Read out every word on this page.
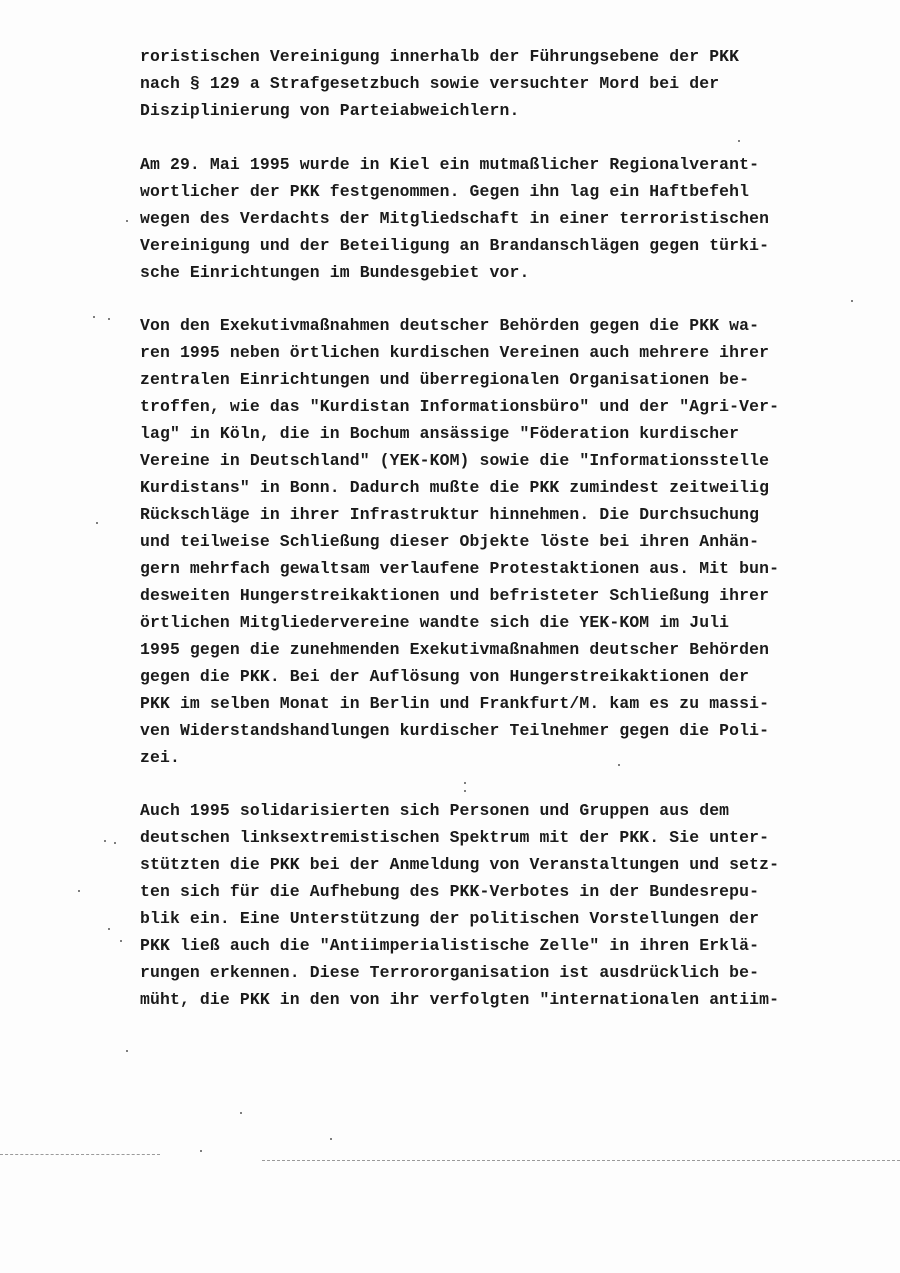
roristischen Vereinigung innerhalb der Führungsebene der PKK
nach § 129 a Strafgesetzbuch sowie versuchter Mord bei der
Disziplinierung von Parteiabweichlern.
Am 29. Mai 1995 wurde in Kiel ein mutmaßlicher Regionalverant-
wortlicher der PKK festgenommen. Gegen ihn lag ein Haftbefehl
wegen des Verdachts der Mitgliedschaft in einer terroristischen
Vereinigung und der Beteiligung an Brandanschlägen gegen türki-
sche Einrichtungen im Bundesgebiet vor.
Von den Exekutivmaßnahmen deutscher Behörden gegen die PKK wa-
ren 1995 neben örtlichen kurdischen Vereinen auch mehrere ihrer
zentralen Einrichtungen und überregionalen Organisationen be-
troffen, wie das "Kurdistan Informationsbüro" und der "Agri-Ver-
lag" in Köln, die in Bochum ansässige "Föderation kurdischer
Vereine in Deutschland" (YEK-KOM) sowie die "Informationsstelle
Kurdistans" in Bonn. Dadurch mußte die PKK zumindest zeitweilig
Rückschläge in ihrer Infrastruktur hinnehmen. Die Durchsuchung
und teilweise Schließung dieser Objekte löste bei ihren Anhän-
gern mehrfach gewaltsam verlaufene Protestaktionen aus. Mit bun-
desweiten Hungerstreikaktionen und befristeter Schließung ihrer
örtlichen Mitgliedervereine wandte sich die YEK-KOM im Juli
1995 gegen die zunehmenden Exekutivmaßnahmen deutscher Behörden
gegen die PKK. Bei der Auflösung von Hungerstreikaktionen der
PKK im selben Monat in Berlin und Frankfurt/M. kam es zu massi-
ven Widerstandshandlungen kurdischer Teilnehmer gegen die Poli-
zei.
Auch 1995 solidarisierten sich Personen und Gruppen aus dem
deutschen linksextremistischen Spektrum mit der PKK. Sie unter-
stützten die PKK bei der Anmeldung von Veranstaltungen und setz-
ten sich für die Aufhebung des PKK-Verbotes in der Bundesrepu-
blik ein. Eine Unterstützung der politischen Vorstellungen der
PKK ließ auch die "Antiimperialistische Zelle" in ihren Erklä-
rungen erkennen. Diese Terrororganisation ist ausdrücklich be-
müht, die PKK in den von ihr verfolgten "internationalen antiim-
